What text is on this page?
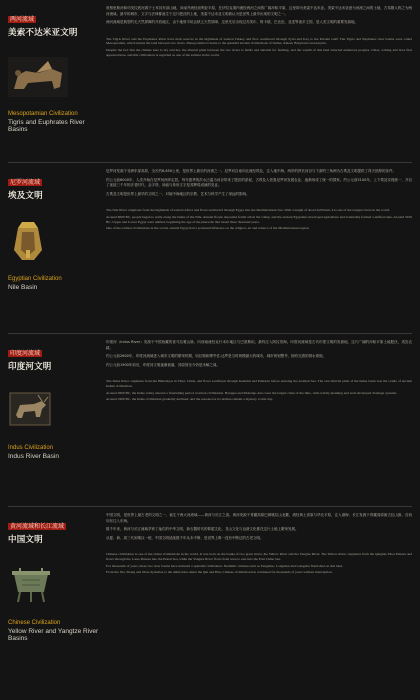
两河流域
美索不达米亚文明
Mesopotamian Civilization
Tigris and Euphrates River Basins

底格里斯河和幼发拉底河源于土耳其东部山地，向南并流经叙利亚平原，在伊拉克境内流经两河之间的广阔冲积平原，这里即为美索不达米亚。美索不达米亚意为河流之间的土地，古希腊人称之为两河流域。最早的城市、文字与法律都诞生于这片肥沃的土地，美索不达米亚文明被认为是世界上最早出现的文明之一。

两河流域是典型的无天然屏障的开放地区，由于地势平坦且缺乏天然屏障，这里先后出现过苏美尔、阿卡德、巴比伦、亚述等诸多王国，是人类文明的重要发源地。

The Tigris River and the Euphrates River have their sources in the highlands of eastern Turkey and flow southward through Syria and Iraq to the Persian Gulf. The Tigris and Euphrates river basins were called Mesopotamia, which means the land between two rivers. Mesopotamia is home to the splendid ancient civilizations of Sumer, Akkad, Babylonia and Assyria.

Despite the fact that the climate here is dry and hot, the alluvial plain between the two rivers is fertile and suitable for farming, and the wealth of this land attracted numerous peoples. Cities, writing and laws first appeared here, and this civilization is regarded as one of the earliest in the world.

尼罗河流域
埃及文明
Egyptian Civilization
Nile Basin

尼罗河发源于非洲东部高原，全长约6,650公里，是世界上最长的河流之一。尼罗河自南向北流经埃及，注入地中海，两岸的狭长河谷与下游的三角洲为古埃及文明提供了得天独厚的条件。

约公元前6000年，人类开始在尼罗河两岸定居。每年夏季的洪水泛滥为河谷带来了肥沃的淤泥，古埃及人依靠尼罗河发展农业，逐渐形成了统一的国家。约公元前3100年，上下埃及实现统一，开启了延续三千年的法老时代，金字塔、神庙与象形文字是其辉煌成就的见证。

古埃及文明是世界上最早的文明之一，对地中海地区的宗教、艺术与科学产生了深远的影响。

The Nile River originates from the highlands of eastern Africa and flows northward through Egypt into the Mediterranean Sea. With a length of about 6,650 km, it is one of the longest rivers in the world.

Around 6000 BC, people began to settle along the banks of the Nile. Annual floods deposited fertile silt in the valley, and the ancient Egyptians developed agriculture and eventually formed a unified state. Around 3100 BC, Upper and Lower Egypt were unified, beginning the age of the pharaohs that lasted three thousand years.

One of the earliest civilizations in the world, ancient Egypt had a profound influence on the religion, art and science of the Mediterranean region.

印度河流域
印度河文明
Indus Civilization
Indus River Basin

印度河（Indus River）发源于中国西藏的喜马拉雅山脉，向西南流经克什米尔地区与巴基斯坦，最终注入阿拉伯海。印度河流域是古代印度文明的发源地，这片广阔的冲积平原土地肥沃，适宜农耕。

约公元前2600年，印度河流域进入城市文明的繁荣时期，哈拉帕和摩亨佐-达罗是当时规模最大的城市，城市规划整齐，拥有完善的排水系统。

约公元前1900年前后，印度河文明逐渐衰落，其原因至今仍是未解之谜。

The Indus River originates from the Himalayas in Tibet, China, and flows southwest through Kashmir and Pakistan before entering the Arabian Sea. The vast alluvial plain of the Indus basin was the cradle of ancient Indian civilization.

Around 2600 BC, the Indus valley entered a flourishing period of urban civilization. Harappa and Mohenjo-daro were the largest cities of the time, with orderly planning and well-developed drainage systems.

Around 1900 BC, the Indus civilization gradually declined, and the reasons for its decline remain a mystery to this day.

黄河流域和长江流域
中国文明
Chinese Civilization
Yellow River and Yangtze River Basins

中国文明，是世界上最古老的文明之一，诞生于两大河流域——黄河与长江之滨。黄河发源于青藏高原巴颜喀拉山北麓，流经黄土高原与华北平原，注入渤海；长江发源于青藏高原唐古拉山脉，自西向东注入东海。

数千年来，黄河与长江流域孕育了灿烂的中华文明，新石器时代的仰韶文化、龙山文化与良渚文化都在这片土地上繁荣发展。

从夏、商、周三代到秦汉一统，中国文明延续数千年从未中断，是世界上唯一没有中断过的古老文明。

Chinese civilization is one of the oldest civilizations in the world. It was born on the banks of two great rivers, the Yellow River and the Yangtze River. The Yellow River originates from the Qinghai-Tibet Plateau and flows through the Loess Plateau into the Bohai Sea, while the Yangtze River flows from west to east into the East China Sea.

For thousands of years, these two river basins have nurtured a splendid civilization. Neolithic cultures such as Yangshao, Longshan and Liangzhu flourished on this land.

From the Xia, Shang and Zhou dynasties to the unification under the Qin and Han, Chinese civilization has continued for thousands of years without interruption.
